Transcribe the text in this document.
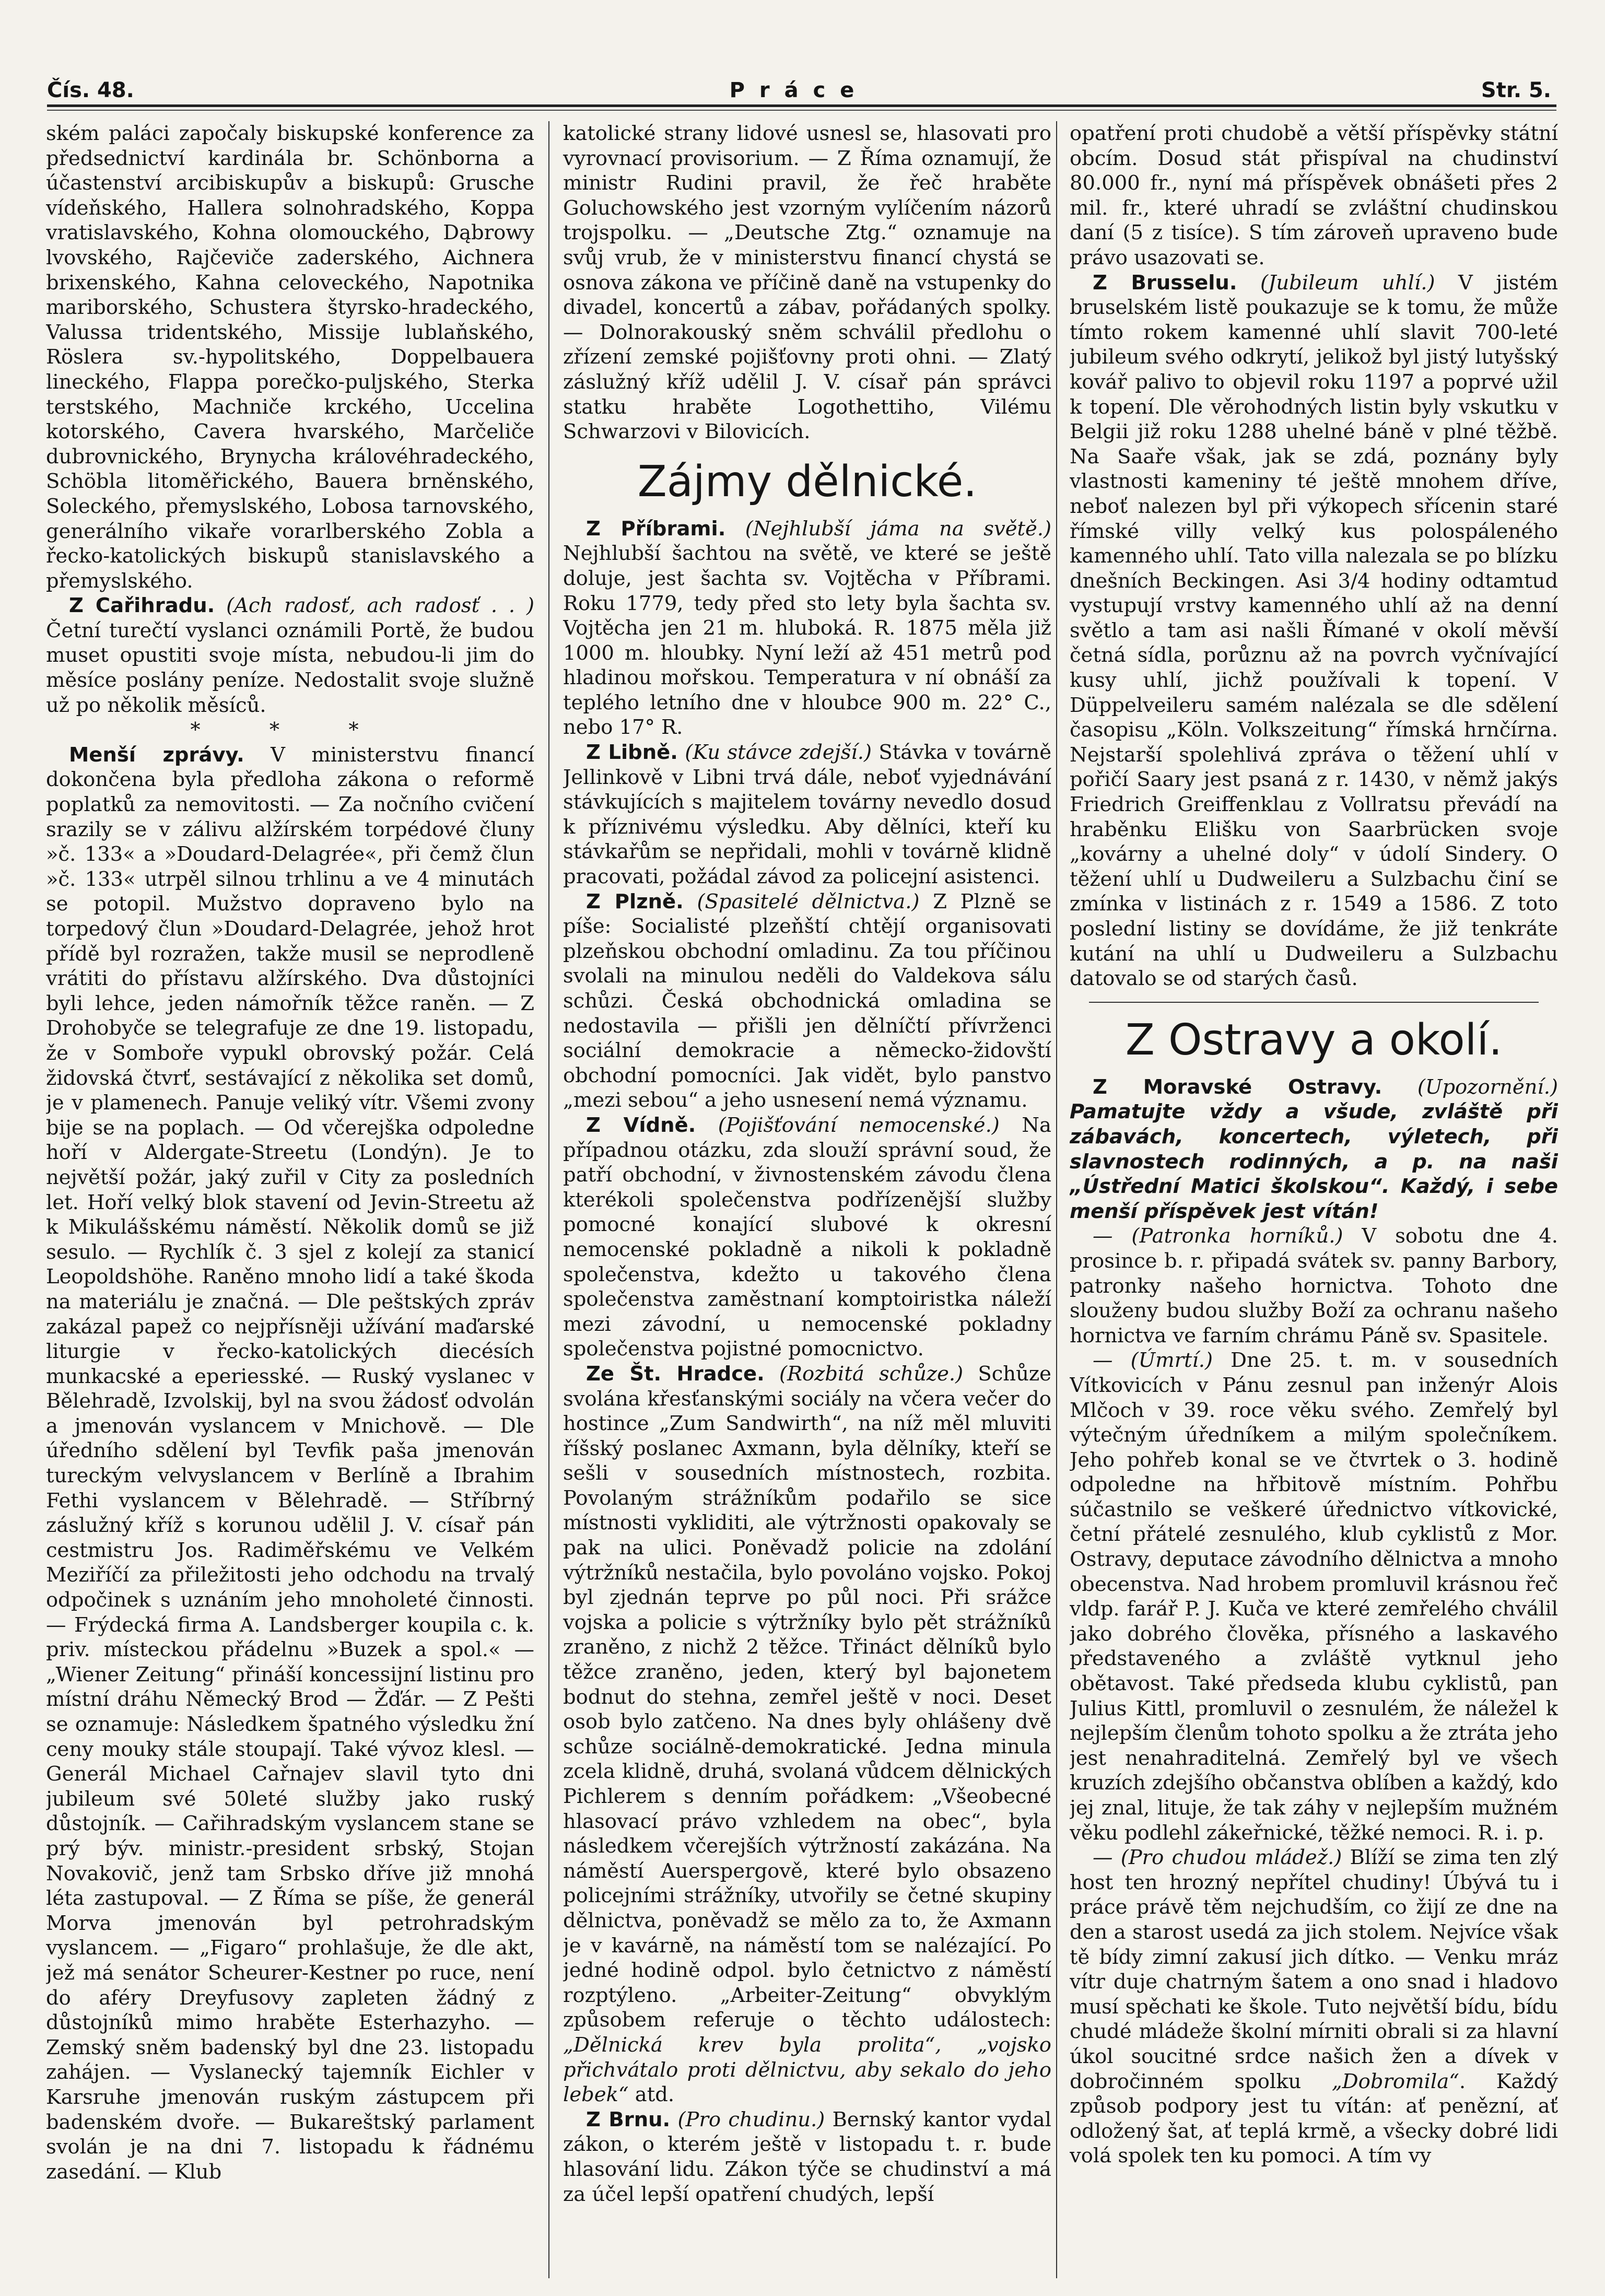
Čís. 48.	Práce	Str. 5.

ském paláci započaly biskupské konference za předsednictví kardinála br. Schönborna a účastenství arcibiskupův a biskupů: Grusche vídeňského, Hallera solnohradského, Koppa vratislavského, Kohna olomouckého, Dąbrowy lvovského, Rajčeviče zaderského, Aichnera brixenského, Kahna celoveckého, Napotnika mariborského, Schustera štyrsko-hradeckého, Valussa tridentského, Missije lublaňského, Röslera sv.-hypolitského, Doppelbauera lineckého, Flappa porečko-puljského, Sterka terstského, Machniče krckého, Uccelina kotorského, Cavera hvarského, Marčeliče dubrovnického, Brynycha královéhradeckého, Schöbla litoměřického, Bauera brněnského, Soleckého, přemyslského, Lobosa tarnovského, generálního vikaře vorarlberského Zobla a řecko-katolických biskupů stanislavského a přemyslského.

Z Cařihradu. (Ach radosť, ach radosť . . ) Četní turečtí vyslanci oznámili Portě, že budou muset opustiti svoje místa, nebudou-li jim do měsíce poslány peníze. Nedostalit svoje služně už po několik měsíců.

* * *

Menší zprávy. V ministerstvu financí dokončena byla předloha zákona o reformě poplatků za nemovitosti. — Za nočního cvičení srazily se v zálivu alžírském torpédové čluny »č. 133« a »Doudard-Delagrée«, při čemž člun »č. 133« utrpěl silnou trhlinu a ve 4 minutách se potopil. Mužstvo dopraveno bylo na torpedový člun »Doudard-Delagrée, jehož hrot přídě byl rozražen, takže musil se neprodleně vrátiti do přístavu alžírského. Dva důstojníci byli lehce, jeden námořník těžce raněn. — Z Drohobyče se telegrafuje ze dne 19. listopadu, že v Somboře vypukl obrovský požár. Celá židovská čtvrť, sestávající z několika set domů, je v plamenech. Panuje veliký vítr. Všemi zvony bije se na poplach. — Od včerejška odpoledne hoří v Aldergate-Streetu (Londýn). Je to největší požár, jaký zuřil v City za posledních let. Hoří velký blok stavení od Jevin-Streetu až k Mikulášskému náměstí. Několik domů se již sesulo. — Rychlík č. 3 sjel z kolejí za stanicí Leopoldshöhe. Raněno mnoho lidí a také škoda na materiálu je značná. — Dle peštských zpráv zakázal papež co nejpřísněji užívání maďarské liturgie v řecko-katolických diecésích munkacské a eperiesské. — Ruský vyslanec v Bělehradě, Izvolskij, byl na svou žádosť odvolán a jmenován vyslancem v Mnichově. — Dle úředního sdělení byl Tevfik paša jmenován tureckým velvyslancem v Berlíně a Ibrahim Fethi vyslancem v Bělehradě. — Stříbrný záslužný kříž s korunou udělil J. V. císař pán cestmistru Jos. Radiměřskému ve Velkém Meziříčí za přiležitosti jeho odchodu na trvalý odpočinek s uznáním jeho mnoholeté činnosti. — Frýdecká firma A. Landsberger koupila c. k. priv. místeckou přádelnu »Buzek a spol.« — „Wiener Zeitung“ přináší koncessijní listinu pro místní dráhu Německý Brod — Žďár. — Z Pešti se oznamuje: Následkem špatného výsledku žní ceny mouky stále stoupají. Také vývoz klesl. — Generál Michael Cařnajev slavil tyto dni jubileum své 50leté služby jako ruský důstojník. — Cařihradským vyslancem stane se prý býv. ministr.-president srbský, Stojan Novakovič, jenž tam Srbsko dříve již mnohá léta zastupoval. — Z Říma se píše, že generál Morva jmenován byl petrohradským vyslancem. — „Figaro“ prohlašuje, že dle akt, jež má senátor Scheurer-Kestner po ruce, není do aféry Dreyfusovy zapleten žádný z důstojníků mimo hraběte Esterhazyho. — Zemský sněm badenský byl dne 23. listopadu zahájen. — Vyslanecký tajemník Eichler v Karsruhe jmenován ruským zástupcem při badenském dvoře. — Bukareštský parlament svolán je na dni 7. listopadu k řádnému zasedání. — Klub

katolické strany lidové usnesl se, hlasovati pro vyrovnací provisorium. — Z Říma oznamují, že ministr Rudini pravil, že řeč hraběte Goluchowského jest vzorným vylíčením názorů trojspolku. — „Deutsche Ztg.“ oznamuje na svůj vrub, že v ministerstvu financí chystá se osnova zákona ve příčině daně na vstupenky do divadel, koncertů a zábav, pořádaných spolky. — Dolnorakouský sněm schválil předlohu o zřízení zemské pojišťovny proti ohni. — Zlatý záslužný kříž udělil J. V. císař pán správci statku hraběte Logothettiho, Vilému Schwarzovi v Bilovicích.

Zájmy dělnické.

Z Příbrami. (Nejhlubší jáma na světě.) Nejhlubší šachtou na světě, ve které se ještě doluje, jest šachta sv. Vojtěcha v Příbrami. Roku 1779, tedy před sto lety byla šachta sv. Vojtěcha jen 21 m. hluboká. R. 1875 měla již 1000 m. hloubky. Nyní leží až 451 metrů pod hladinou mořskou. Temperatura v ní obnáší za teplého letního dne v hloubce 900 m. 22° C., nebo 17° R.

Z Libně. (Ku stávce zdejší.) Stávka v továrně Jellinkově v Libni trvá dále, neboť vyjednávání stávkujících s majitelem továrny nevedlo dosud k příznivému výsledku. Aby dělníci, kteří ku stávkařům se nepřidali, mohli v továrně klidně pracovati, požádal závod za policejní asistenci.

Z Plzně. (Spasitelé dělnictva.) Z Plzně se píše: Socialisté plzeňští chtějí organisovati plzeňskou obchodní omladinu. Za tou příčinou svolali na minulou neděli do Valdekova sálu schůzi. Česká obchodnická omladina se nedostavila — přišli jen dělníčtí přívrženci sociální demokracie a německo-židovští obchodní pomocníci. Jak vidět, bylo panstvo „mezi sebou“ a jeho usnesení nemá významu.

Z Vídně. (Pojišťování nemocenské.) Na případnou otázku, zda slouží správní soud, že patří obchodní, v živnostenském závodu člena kterékoli společenstva podřízenější služby pomocné konající slubové k okresní nemocenské pokladně a nikoli k pokladně společenstva, kdežto u takového člena společenstva zaměstnaní komptoiristka náleží mezi závodní, u nemocenské pokladny společenstva pojistné pomocnictvo.

Ze Št. Hradce. (Rozbitá schůze.) Schůze svolána křesťanskými sociály na včera večer do hostince „Zum Sandwirth“, na níž měl mluviti říšský poslanec Axmann, byla dělníky, kteří se sešli v sousedních místnostech, rozbita. Povolaným strážníkům podařilo se sice místnosti vykliditi, ale výtržnosti opakovaly se pak na ulici. Poněvadž policie na zdolání výtržníků nestačila, bylo povoláno vojsko. Pokoj byl zjednán teprve po půl noci. Při srážce vojska a policie s výtržníky bylo pět strážníků zraněno, z nichž 2 těžce. Třináct dělníků bylo těžce zraněno, jeden, který byl bajonetem bodnut do stehna, zemřel ještě v noci. Deset osob bylo zatčeno. Na dnes byly ohlášeny dvě schůze sociálně-demokratické. Jedna minula zcela klidně, druhá, svolaná vůdcem dělnických Pichlerem s denním pořádkem: „Všeobecné hlasovací právo vzhledem na obec“, byla následkem včerejších výtržností zakázána. Na náměstí Auerspergově, které bylo obsazeno policejními strážníky, utvořily se četné skupiny dělnictva, poněvadž se mělo za to, že Axmann je v kavárně, na náměstí tom se nalézající. Po jedné hodině odpol. bylo četnictvo z náměstí rozptýleno. „Arbeiter-Zeitung“ obvyklým způsobem referuje o těchto událostech: „Dělnická krev byla prolita“, „vojsko přichvátalo proti dělnictvu, aby sekalo do jeho lebek“ atd.

Z Brnu. (Pro chudinu.) Bernský kantor vydal zákon, o kterém ještě v listopadu t. r. bude hlasování lidu. Zákon týče se chudinství a má za účel lepší opatření chudých, lepší

opatření proti chudobě a větší příspěvky státní obcím. Dosud stát přispíval na chudinství 80.000 fr., nyní má příspěvek obnášeti přes 2 mil. fr., které uhradí se zvláštní chudinskou daní (5 z tisíce). S tím zároveň upraveno bude právo usazovati se.

Z Brusselu. (Jubileum uhlí.) V jistém bruselském listě poukazuje se k tomu, že může tímto rokem kamenné uhlí slavit 700-leté jubileum svého odkrytí, jelikož byl jistý lutyšský kovář palivo to objevil roku 1197 a poprvé užil k topení. Dle věrohodných listin byly vskutku v Belgii již roku 1288 uhelné báně v plné těžbě. Na Saaře však, jak se zdá, poznány byly vlastnosti kameniny té ještě mnohem dříve, neboť nalezen byl při výkopech sřícenin staré římské villy velký kus polospáleného kamenného uhlí. Tato villa nalezala se po blízku dnešních Beckingen. Asi 3/4 hodiny odtamtud vystupují vrstvy kamenného uhlí až na denní světlo a tam asi našli Římané v okolí měvší četná sídla, porůznu až na povrch vyčnívající kusy uhlí, jichž používali k topení. V Düppelveileru samém nalézala se dle sdělení časopisu „Köln. Volkszeitung“ římská hrnčírna. Nejstarší spolehlivá zpráva o těžení uhlí v pořičí Saary jest psaná z r. 1430, v němž jakýs Friedrich Greiffenklau z Vollratsu převádí na hraběnku Elišku von Saarbrücken svoje „kovárny a uhelné doly“ v údolí Sindery. O těžení uhlí u Dudweileru a Sulzbachu činí se zmínka v listinách z r. 1549 a 1586. Z toto poslední listiny se dovídáme, že již tenkráte kutání na uhlí u Dudweileru a Sulzbachu datovalo se od starých časů.

Z Ostravy a okolí.

Z Moravské Ostravy. (Upozornění.) Pamatujte vždy a všude, zvláště při zábavách, koncertech, výletech, při slavnostech rodinných, a p. na naši „Ústřední Matici školskou“. Každý, i sebe menší příspěvek jest vítán!

— (Patronka horníků.) V sobotu dne 4. prosince b. r. připadá svátek sv. panny Barbory, patronky našeho hornictva. Tohoto dne slouženy budou služby Boží za ochranu našeho hornictva ve farním chrámu Páně sv. Spasitele.

— (Úmrtí.) Dne 25. t. m. v sousedních Vítkovicích v Pánu zesnul pan inženýr Alois Mlčoch v 39. roce věku svého. Zemřelý byl výtečným úředníkem a milým společníkem. Jeho pohřeb konal se ve čtvrtek o 3. hodině odpoledne na hřbitově místním. Pohřbu súčastnilo se veškeré úřednictvo vítkovické, četní přátelé zesnulého, klub cyklistů z Mor. Ostravy, deputace závodního dělnictva a mnoho obecenstva. Nad hrobem promluvil krásnou řeč vldp. farář P. J. Kuča ve které zemřelého chválil jako dobrého člověka, přísného a laskavého představeného a zvláště vytknul jeho obětavost. Také předseda klubu cyklistů, pan Julius Kittl, promluvil o zesnulém, že náležel k nejlepším členům tohoto spolku a že ztráta jeho jest nenahraditelná. Zemřelý byl ve všech kruzích zdejšího občanstva oblíben a každý, kdo jej znal, lituje, že tak záhy v nejlepším mužném věku podlehl zákeřnické, těžké nemoci. R. i. p.

— (Pro chudou mládež.) Blíží se zima ten zlý host ten hrozný nepřítel chudiny! Úbývá tu i práce právě těm nejchudším, co žijí ze dne na den a starost usedá za jich stolem. Nejvíce však tě bídy zimní zakusí jich dítko. — Venku mráz vítr duje chatrným šatem a ono snad i hladovo musí spěchati ke škole. Tuto největší bídu, bídu chudé mládeže školní mírniti obrali si za hlavní úkol soucitné srdce našich žen a dívek v dobročinném spolku „Dobromila“. Každý způsob podpory jest tu vítán: ať penězní, ať odložený šat, ať teplá krmě, a všecky dobré lidi volá spolek ten ku pomoci. A tím vy
